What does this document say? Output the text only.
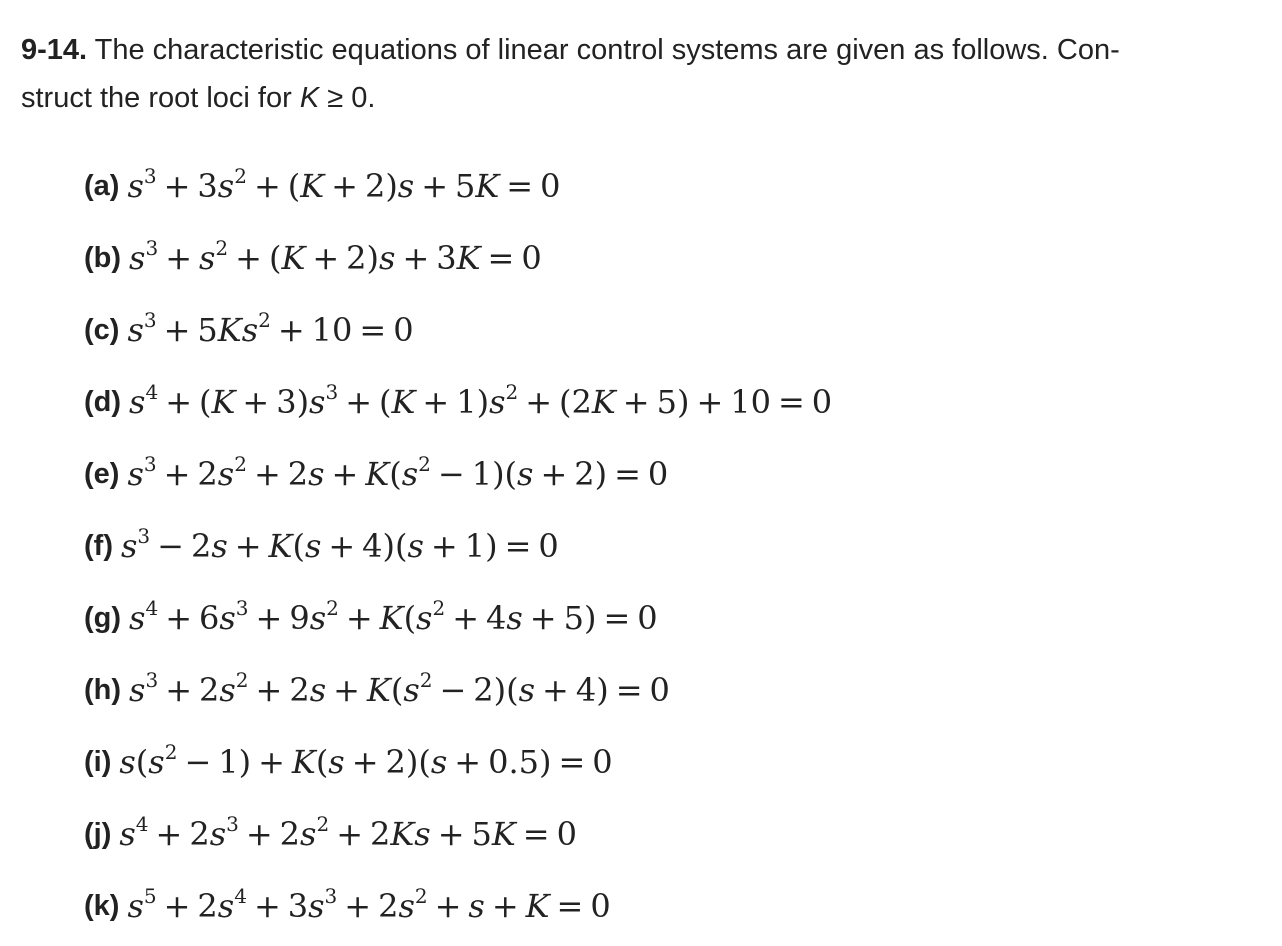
9-14. The characteristic equations of linear control systems are given as follows. Con-
struct the root loci for K ≥ 0.
(a) $s^3 + 3s^2 + (K + 2)s + 5K = 0$
(b) $s^3 + s^2 + (K + 2)s + 3K = 0$
(c) $s^3 + 5Ks^2 + 10 = 0$
(d) $s^4 + (K + 3)s^3 + (K + 1)s^2 + (2K + 5) + 10 = 0$
(e) $s^3 + 2s^2 + 2s + K(s^2 - 1)(s + 2) = 0$
(f) $s^3 - 2s + K(s + 4)(s + 1) = 0$
(g) $s^4 + 6s^3 + 9s^2 + K(s^2 + 4s + 5) = 0$
(h) $s^3 + 2s^2 + 2s + K(s^2 - 2)(s + 4) = 0$
(i) $s(s^2 - 1) + K(s + 2)(s + 0.5) = 0$
(j) $s^4 + 2s^3 + 2s^2 + 2Ks + 5K = 0$
(k) $s^5 + 2s^4 + 3s^3 + 2s^2 + s + K = 0$
